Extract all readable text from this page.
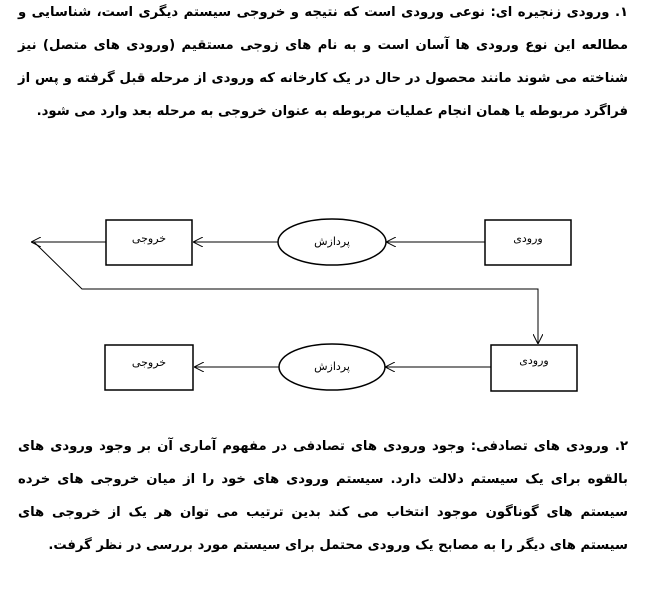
۱. ورودی زنجیره ای: نوعی ورودی است که نتیجه و خروجی سیستم دیگری است، شناسایی و مطالعه این نوع ورودی ها آسان است و به نام های زوجی مستقیم (ورودی های متصل) نیز شناخته می شوند مانند محصول در حال در یک کارخانه که ورودی از مرحله قبل گرفته و پس از فراگرد مربوطه یا همان انجام عملیات مربوطه به عنوان خروجی به مرحله بعد وارد می شود.
ورودی
پردازش
خروجی
ورودی
پردازش
خروجی
۲. ورودی های تصادفی: وجود ورودی های تصادفی در مفهوم آماری آن بر وجود ورودی های بالقوه برای یک سیستم دلالت دارد. سیستم ورودی های خود را از میان خروجی های خرده سیستم های گوناگون موجود انتخاب می کند بدین ترتیب می توان هر یک از خروجی های سیستم های دیگر را به مصابح یک ورودی محتمل برای سیستم مورد بررسی در نظر گرفت.
